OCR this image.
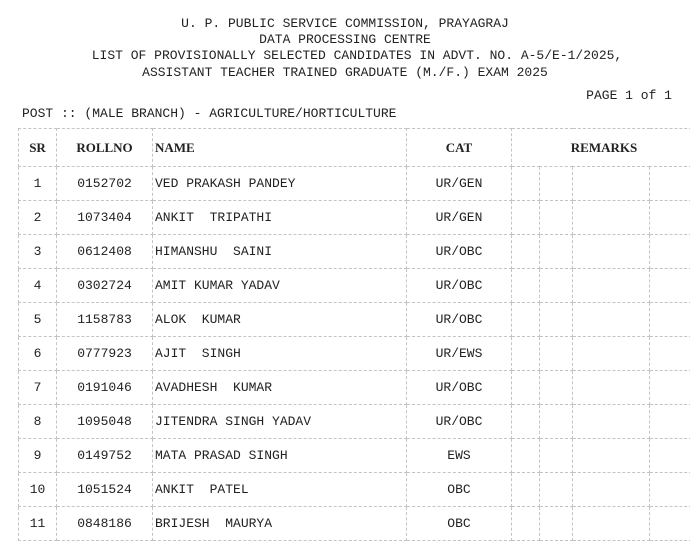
U. P. PUBLIC SERVICE COMMISSION, PRAYAGRAJ
DATA PROCESSING CENTRE
LIST OF PROVISIONALLY SELECTED CANDIDATES IN ADVT. NO. A-5/E-1/2025,
ASSISTANT TEACHER TRAINED GRADUATE (M./F.) EXAM 2025
PAGE 1 of 1
POST :: (MALE BRANCH) - AGRICULTURE/HORTICULTURE
SR	ROLLNO	NAME	CAT	REMARKS			
1	0152702	VED PRAKASH PANDEY	UR/GEN				
2	1073404	ANKIT  TRIPATHI	UR/GEN				
3	0612408	HIMANSHU  SAINI	UR/OBC				
4	0302724	AMIT KUMAR YADAV	UR/OBC				
5	1158783	ALOK  KUMAR	UR/OBC				
6	0777923	AJIT  SINGH	UR/EWS				
7	0191046	AVADHESH  KUMAR	UR/OBC				
8	1095048	JITENDRA SINGH YADAV	UR/OBC				
9	0149752	MATA PRASAD SINGH	EWS				
10	1051524	ANKIT  PATEL	OBC				
11	0848186	BRIJESH  MAURYA	OBC				
